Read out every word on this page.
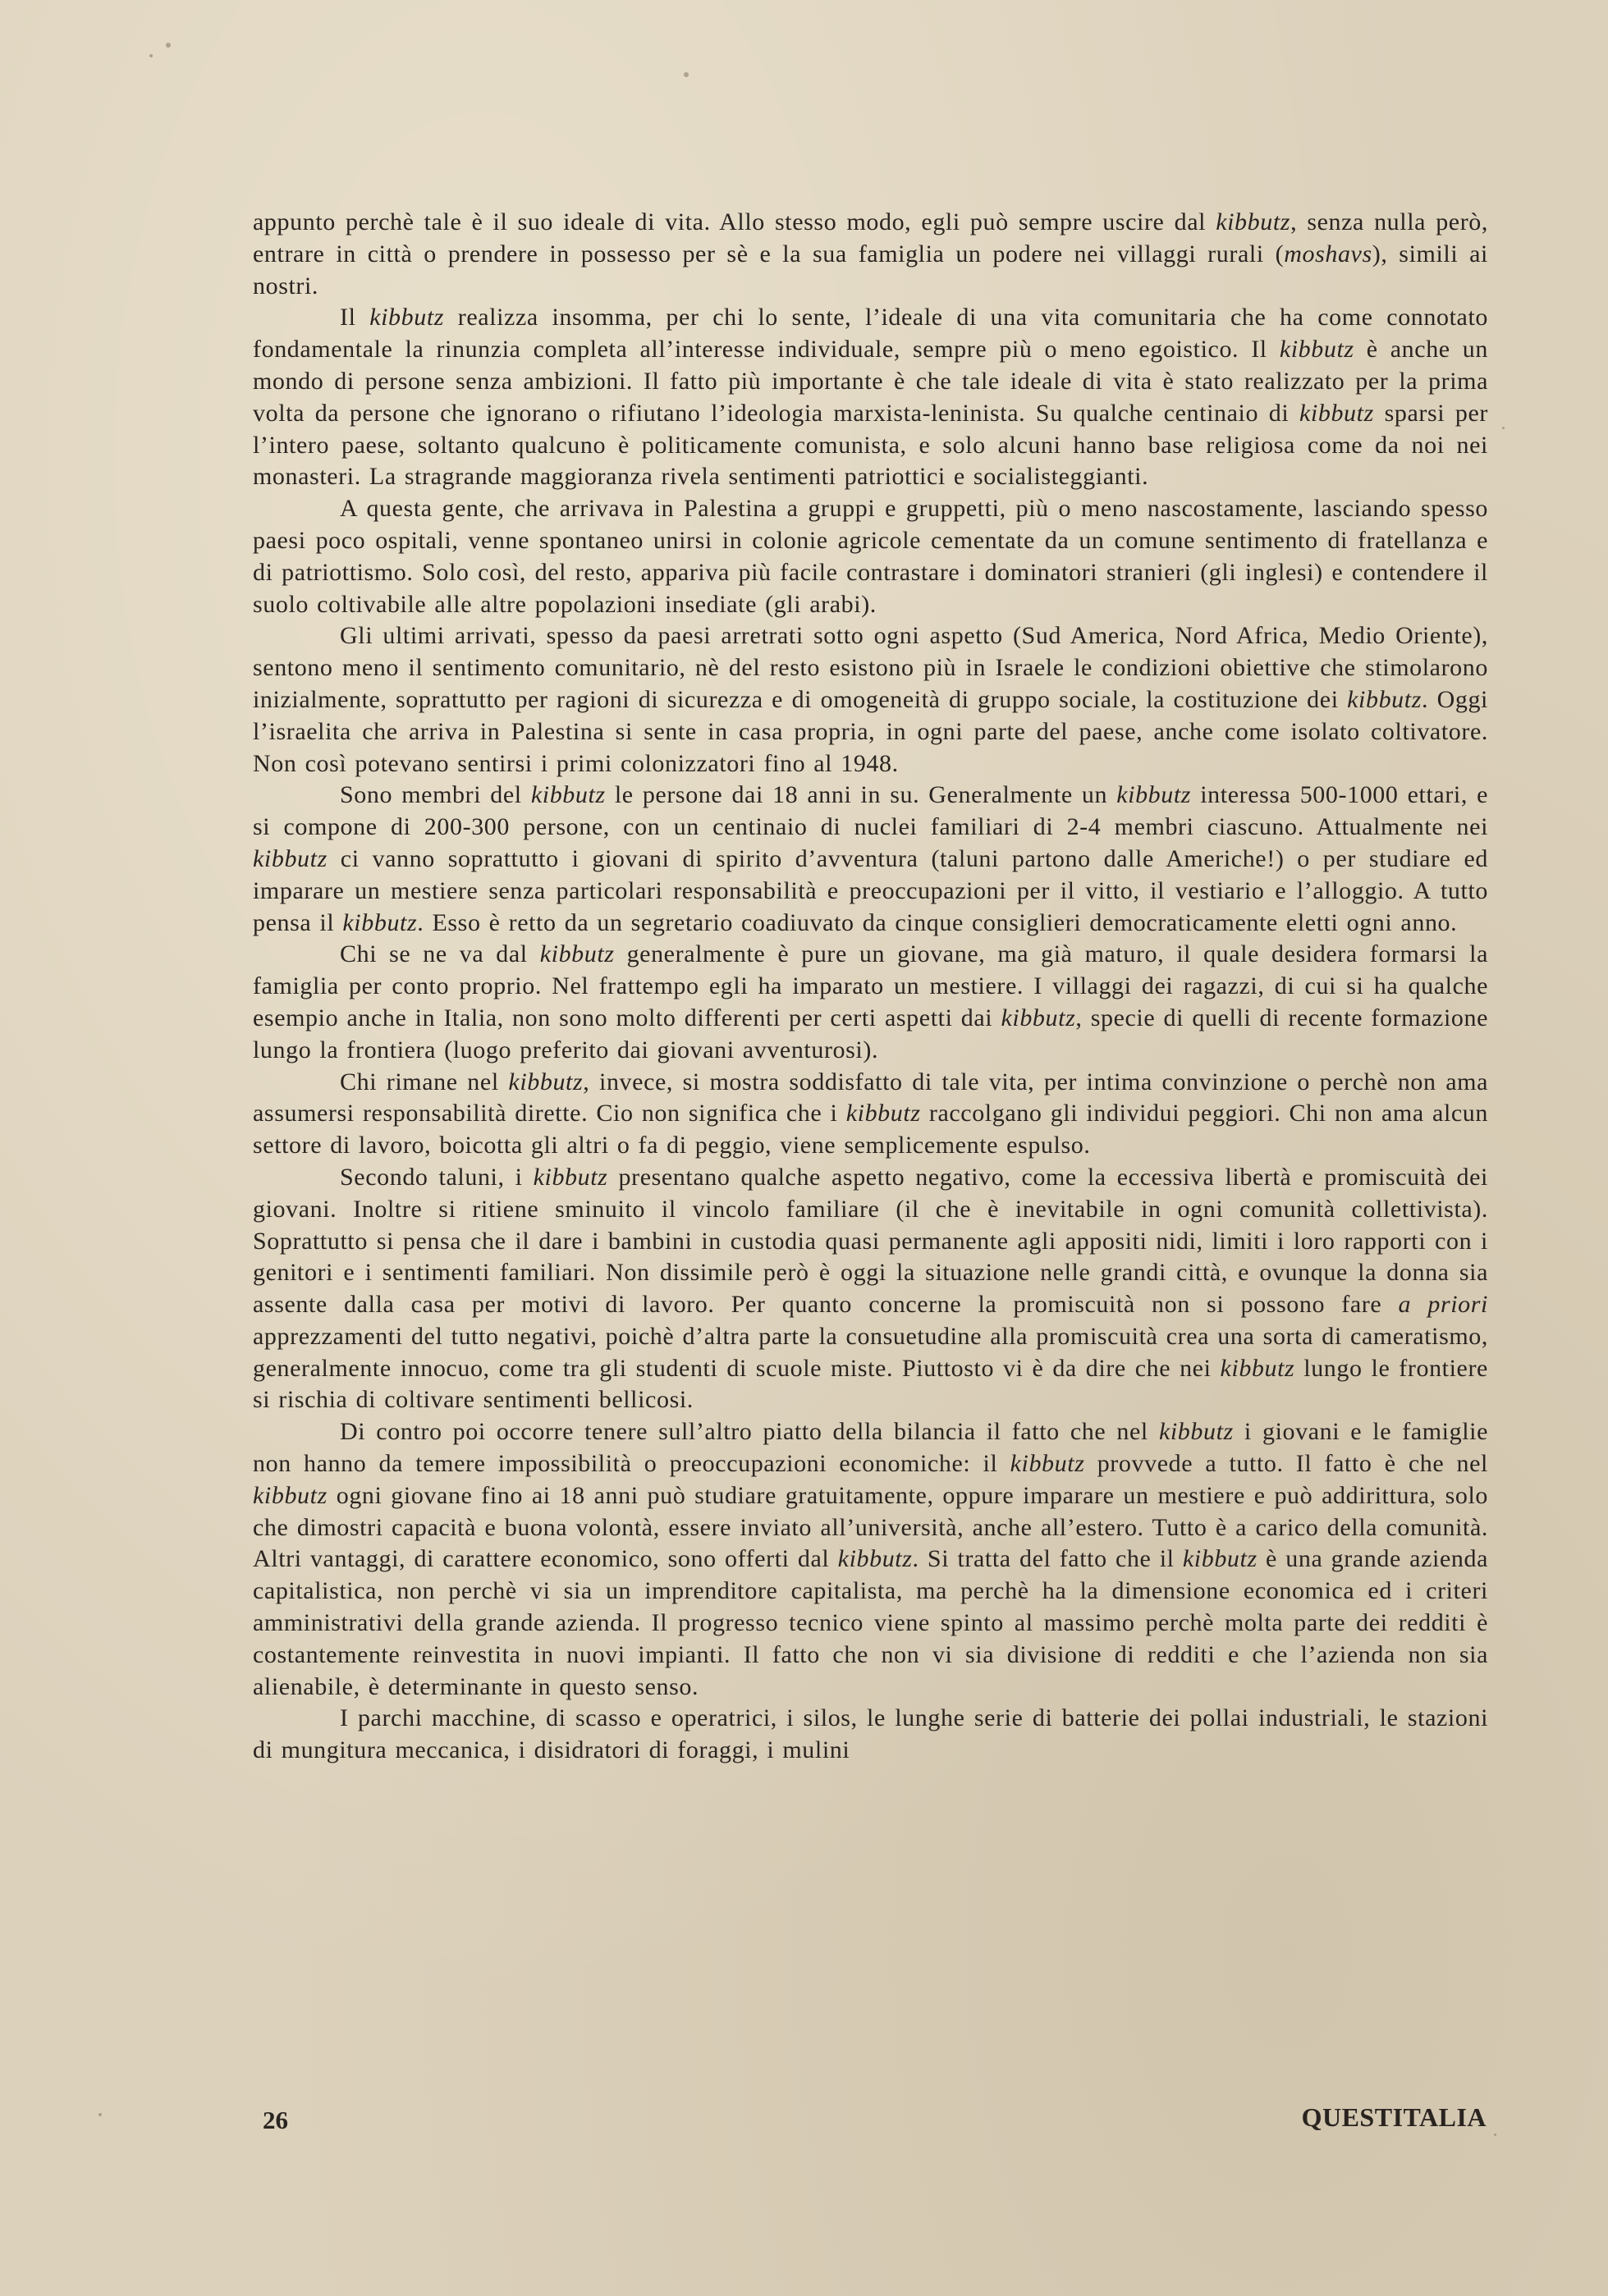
appunto perchè tale è il suo ideale di vita. Allo stesso modo, egli può sempre uscire dal kibbutz, senza nulla però, entrare in città o prendere in possesso per sè e la sua famiglia un podere nei villaggi rurali (moshavs), simili ai nostri.

Il kibbutz realizza insomma, per chi lo sente, l’ideale di una vita comunitaria che ha come connotato fondamentale la rinunzia completa all’interesse individuale, sempre più o meno egoistico. Il kibbutz è anche un mondo di persone senza ambizioni. Il fatto più importante è che tale ideale di vita è stato realizzato per la prima volta da persone che ignorano o rifiutano l’ideologia marxista-leninista. Su qualche centinaio di kibbutz sparsi per l’intero paese, soltanto qualcuno è politicamente comunista, e solo alcuni hanno base religiosa come da noi nei monasteri. La stragrande maggioranza rivela sentimenti patriottici e socialisteggianti.

A questa gente, che arrivava in Palestina a gruppi e gruppetti, più o meno nascostamente, lasciando spesso paesi poco ospitali, venne spontaneo unirsi in colonie agricole cementate da un comune sentimento di fratellanza e di patriottismo. Solo così, del resto, appariva più facile contrastare i dominatori stranieri (gli inglesi) e contendere il suolo coltivabile alle altre popolazioni insediate (gli arabi).

Gli ultimi arrivati, spesso da paesi arretrati sotto ogni aspetto (Sud America, Nord Africa, Medio Oriente), sentono meno il sentimento comunitario, nè del resto esistono più in Israele le condizioni obiettive che stimolarono inizialmente, soprattutto per ragioni di sicurezza e di omogeneità di gruppo sociale, la costituzione dei kibbutz. Oggi l’israelita che arriva in Palestina si sente in casa propria, in ogni parte del paese, anche come isolato coltivatore. Non così potevano sentirsi i primi colonizzatori fino al 1948.

Sono membri del kibbutz le persone dai 18 anni in su. Generalmente un kibbutz interessa 500-1000 ettari, e si compone di 200-300 persone, con un centinaio di nuclei familiari di 2-4 membri ciascuno. Attualmente nei kibbutz ci vanno soprattutto i giovani di spirito d’avventura (taluni partono dalle Americhe!) o per studiare ed imparare un mestiere senza particolari responsabilità e preoccupazioni per il vitto, il vestiario e l’alloggio. A tutto pensa il kibbutz. Esso è retto da un segretario coadiuvato da cinque consiglieri democraticamente eletti ogni anno.

Chi se ne va dal kibbutz generalmente è pure un giovane, ma già maturo, il quale desidera formarsi la famiglia per conto proprio. Nel frattempo egli ha imparato un mestiere. I villaggi dei ragazzi, di cui si ha qualche esempio anche in Italia, non sono molto differenti per certi aspetti dai kibbutz, specie di quelli di recente formazione lungo la frontiera (luogo preferito dai giovani avventurosi).

Chi rimane nel kibbutz, invece, si mostra soddisfatto di tale vita, per intima convinzione o perchè non ama assumersi responsabilità dirette. Cio non significa che i kibbutz raccolgano gli individui peggiori. Chi non ama alcun settore di lavoro, boicotta gli altri o fa di peggio, viene semplicemente espulso.

Secondo taluni, i kibbutz presentano qualche aspetto negativo, come la eccessiva libertà e promiscuità dei giovani. Inoltre si ritiene sminuito il vincolo familiare (il che è inevitabile in ogni comunità collettivista). Soprattutto si pensa che il dare i bambini in custodia quasi permanente agli appositi nidi, limiti i loro rapporti con i genitori e i sentimenti familiari. Non dissimile però è oggi la situazione nelle grandi città, e ovunque la donna sia assente dalla casa per motivi di lavoro. Per quanto concerne la promiscuità non si possono fare a priori apprezzamenti del tutto negativi, poichè d’altra parte la consuetudine alla promiscuità crea una sorta di cameratismo, generalmente innocuo, come tra gli studenti di scuole miste. Piuttosto vi è da dire che nei kibbutz lungo le frontiere si rischia di coltivare sentimenti bellicosi.

Di contro poi occorre tenere sull’altro piatto della bilancia il fatto che nel kibbutz i giovani e le famiglie non hanno da temere impossibilità o preoccupazioni economiche: il kibbutz provvede a tutto. Il fatto è che nel kibbutz ogni giovane fino ai 18 anni può studiare gratuitamente, oppure imparare un mestiere e può addirittura, solo che dimostri capacità e buona volontà, essere inviato all’università, anche all’estero. Tutto è a carico della comunità. Altri vantaggi, di carattere economico, sono offerti dal kibbutz. Si tratta del fatto che il kibbutz è una grande azienda capitalistica, non perchè vi sia un imprenditore capitalista, ma perchè ha la dimensione economica ed i criteri amministrativi della grande azienda. Il progresso tecnico viene spinto al massimo perchè molta parte dei redditi è costantemente reinvestita in nuovi impianti. Il fatto che non vi sia divisione di redditi e che l’azienda non sia alienabile, è determinante in questo senso.

I parchi macchine, di scasso e operatrici, i silos, le lunghe serie di batterie dei pollai industriali, le stazioni di mungitura meccanica, i disidratori di foraggi, i mulini

26	QUESTITALIA
